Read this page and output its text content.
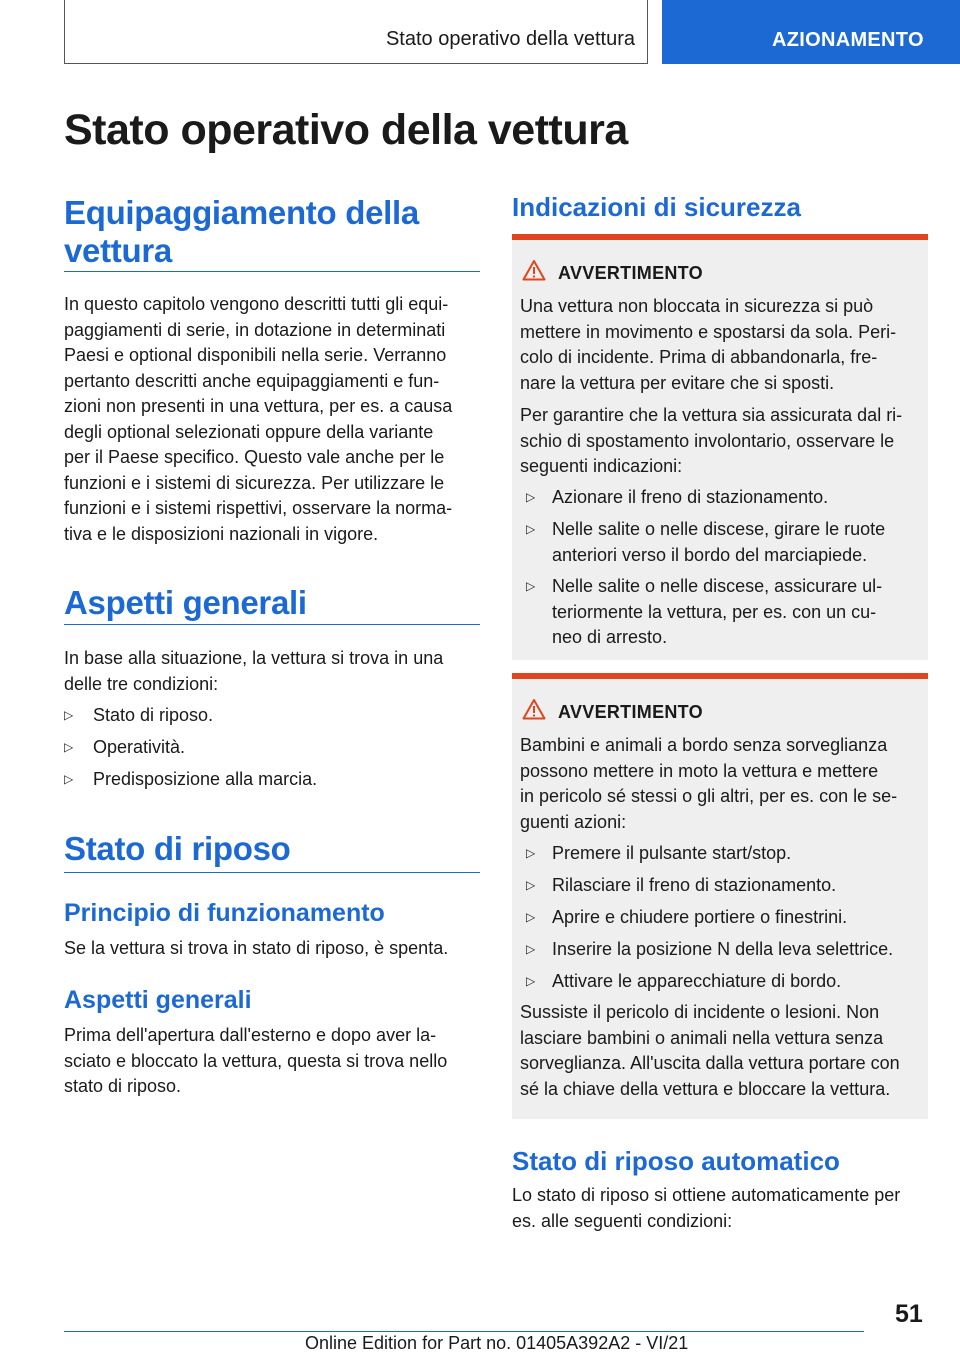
Stato operativo della vettura	AZIONAMENTO
Stato operativo della vettura
Equipaggiamento della
vettura
In questo capitolo vengono descritti tutti gli equi-
paggiamenti di serie, in dotazione in determinati
Paesi e optional disponibili nella serie. Verranno
pertanto descritti anche equipaggiamenti e fun-
zioni non presenti in una vettura, per es. a causa
degli optional selezionati oppure della variante
per il Paese specifico. Questo vale anche per le
funzioni e i sistemi di sicurezza. Per utilizzare le
funzioni e i sistemi rispettivi, osservare la norma-
tiva e le disposizioni nazionali in vigore.
Aspetti generali
In base alla situazione, la vettura si trova in una
delle tre condizioni:
▷ Stato di riposo.
▷ Operatività.
▷ Predisposizione alla marcia.
Stato di riposo
Principio di funzionamento
Se la vettura si trova in stato di riposo, è spenta.
Aspetti generali
Prima dell'apertura dall'esterno e dopo aver la-
sciato e bloccato la vettura, questa si trova nello
stato di riposo.
Indicazioni di sicurezza
AVVERTIMENTO
Una vettura non bloccata in sicurezza si può
mettere in movimento e spostarsi da sola. Peri-
colo di incidente. Prima di abbandonarla, fre-
nare la vettura per evitare che si sposti.
Per garantire che la vettura sia assicurata dal ri-
schio di spostamento involontario, osservare le
seguenti indicazioni:
▷ Azionare il freno di stazionamento.
▷ Nelle salite o nelle discese, girare le ruote
anteriori verso il bordo del marciapiede.
▷ Nelle salite o nelle discese, assicurare ul-
teriormente la vettura, per es. con un cu-
neo di arresto.
AVVERTIMENTO
Bambini e animali a bordo senza sorveglianza
possono mettere in moto la vettura e mettere
in pericolo sé stessi o gli altri, per es. con le se-
guenti azioni:
▷ Premere il pulsante start/stop.
▷ Rilasciare il freno di stazionamento.
▷ Aprire e chiudere portiere o finestrini.
▷ Inserire la posizione N della leva selettrice.
▷ Attivare le apparecchiature di bordo.
Sussiste il pericolo di incidente o lesioni. Non
lasciare bambini o animali nella vettura senza
sorveglianza. All'uscita dalla vettura portare con
sé la chiave della vettura e bloccare la vettura.
Stato di riposo automatico
Lo stato di riposo si ottiene automaticamente per
es. alle seguenti condizioni:
51
Online Edition for Part no. 01405A392A2 - VI/21
